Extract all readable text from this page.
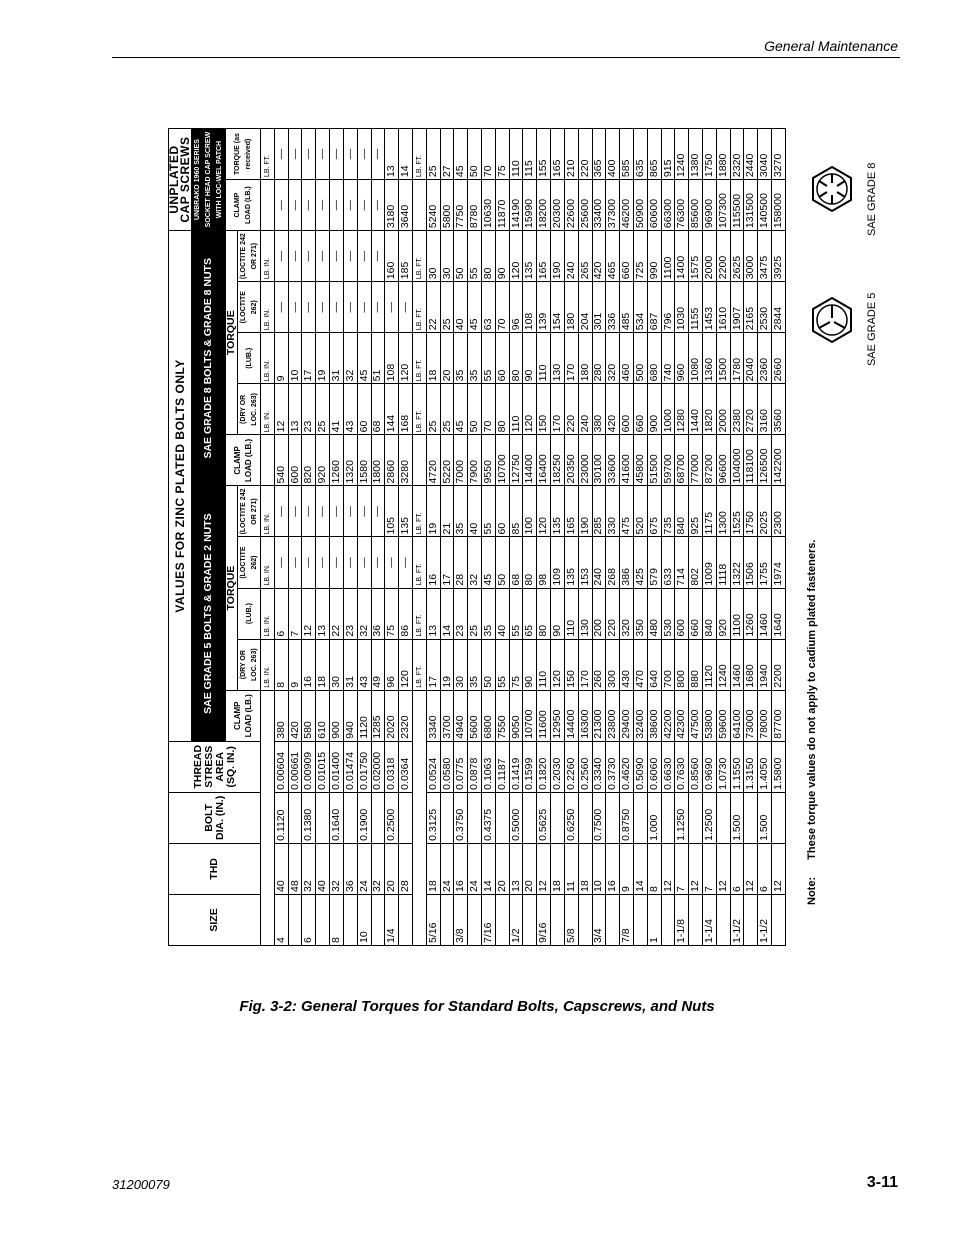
General Maintenance
SIZE	THD	BOLT DIA. (IN.)	THREAD STRESS AREA (SQ. IN.)	VALUES FOR ZINC PLATED BOLTS ONLY										UNPLATED CAP SCREWS	
				SAE GRADE 5 BOLTS & GRADE 2 NUTS					SAE GRADE 8 BOLTS & GRADE 8 NUTS					UNBRAKO 1960 SERIES SOCKET HEAD CAP SCREW WITH LOC-WEL PATCH	
				CLAMP LOAD (LB.)	TORQUE				CLAMP LOAD (LB.)	TORQUE				CLAMP LOAD (LB.)	TORQUE (as received)
					(DRY OR LOC. 263)	(LUB.)	(LOCTITE 262)	(LOCTITE 242 OR 271)		(DRY OR LOC. 263)	(LUB.)	(LOCTITE 262)	(LOCTITE 242 OR 271)		
					LB. IN.	LB. IN.	LB. IN.	LB. IN.		LB. IN.	LB. IN.	LB. IN.	LB. IN.		LB. FT.
4	40	0.1120	0.00604	380	8	6	—	—	540	12	9	—	—	—	—
	48		0.00661	420	9	7	—	—	600	13	10	—	—	—	—
6	32	0.1380	0.00909	580	16	12	—	—	820	23	17	—	—	—	—
	40		0.01015	610	18	13	—	—	920	25	19	—	—	—	—
8	32	0.1640	0.01400	900	30	22	—	—	1260	41	31	—	—	—	—
	36		0.01474	940	31	23	—	—	1320	43	32	—	—	—	—
10	24	0.1900	0.01750	1120	43	32	—	—	1580	60	45	—	—	—	—
	32		0.02000	1285	49	36	—	—	1800	68	51	—	—	—	—
1/4	20	0.2500	0.0318	2020	96	75	—	105	2860	144	108	—	160	3180	13
	28		0.0364	2320	120	86	—	135	3280	168	120	—	185	3640	14
					LB. FT.	LB. FT.	LB. FT.	LB. FT.		LB. FT.	LB. FT.	LB. FT.	LB. FT.		LB. FT.
5/16	18	0.3125	0.0524	3340	17	13	16	19	4720	25	18	22	30	5240	25
	24		0.0580	3700	19	14	17	21	5220	25	20	25	30	5800	27
3/8	16	0.3750	0.0775	4940	30	23	28	35	7000	45	35	40	50	7750	45
	24		0.0878	5600	35	25	32	40	7900	50	35	45	55	8780	50
7/16	14	0.4375	0.1063	6800	50	35	45	55	9550	70	55	63	80	10630	70
	20		0.1187	7550	55	40	50	60	10700	80	60	70	90	11870	75
1/2	13	0.5000	0.1419	9050	75	55	68	85	12750	110	80	96	120	14190	110
	20		0.1599	10700	90	65	80	100	14400	120	90	108	135	15990	115
9/16	12	0.5625	0.1820	11600	110	80	98	120	16400	150	110	139	165	18200	155
	18		0.2030	12950	120	90	109	135	18250	170	130	154	190	20300	165
5/8	11	0.6250	0.2260	14400	150	110	135	165	20350	220	170	180	240	22600	210
	18		0.2560	16300	170	130	153	190	23000	240	180	204	265	25600	220
3/4	10	0.7500	0.3340	21300	260	200	240	285	30100	380	280	301	420	33400	365
	16		0.3730	23800	300	220	268	330	33600	420	320	336	465	37300	400
7/8	9	0.8750	0.4620	29400	430	320	386	475	41600	600	460	485	660	46200	585
	14		0.5090	32400	470	350	425	520	45800	660	500	534	725	50900	635
1	8	1.000	0.6060	38600	640	480	579	675	51500	900	680	687	990	60600	865
	12		0.6630	42200	700	530	633	735	59700	1000	740	796	1100	66300	915
1-1/8	7	1.1250	0.7630	42300	800	600	714	840	68700	1280	960	1030	1400	76300	1240
	12		0.8560	47500	880	660	802	925	77000	1440	1080	1155	1575	85600	1380
1-1/4	7	1.2500	0.9690	53800	1120	840	1009	1175	87200	1820	1360	1453	2000	96900	1750
	12		1.0730	59600	1240	920	1118	1300	96600	2000	1500	1610	2200	107300	1880
1-1/2	6	1.500	1.1550	64100	1460	1100	1322	1525	104000	2380	1780	1907	2625	115500	2320
	12		1.3150	73000	1680	1260	1506	1750	118100	2720	2040	2165	3000	131500	2440
1-1/2	6	1.500	1.4050	78000	1940	1460	1755	2025	126500	3160	2360	2530	3475	140500	3040
	12		1.5800	87700	2200	1640	1974	2300	142200	3560	2660	2844	3925	158000	3270
Note: These torque values do not apply to cadium plated fasteners.
SAE GRADE 8
SAE GRADE 5
Fig. 3-2: General Torques for Standard Bolts, Capscrews, and Nuts
31200079	3-11
